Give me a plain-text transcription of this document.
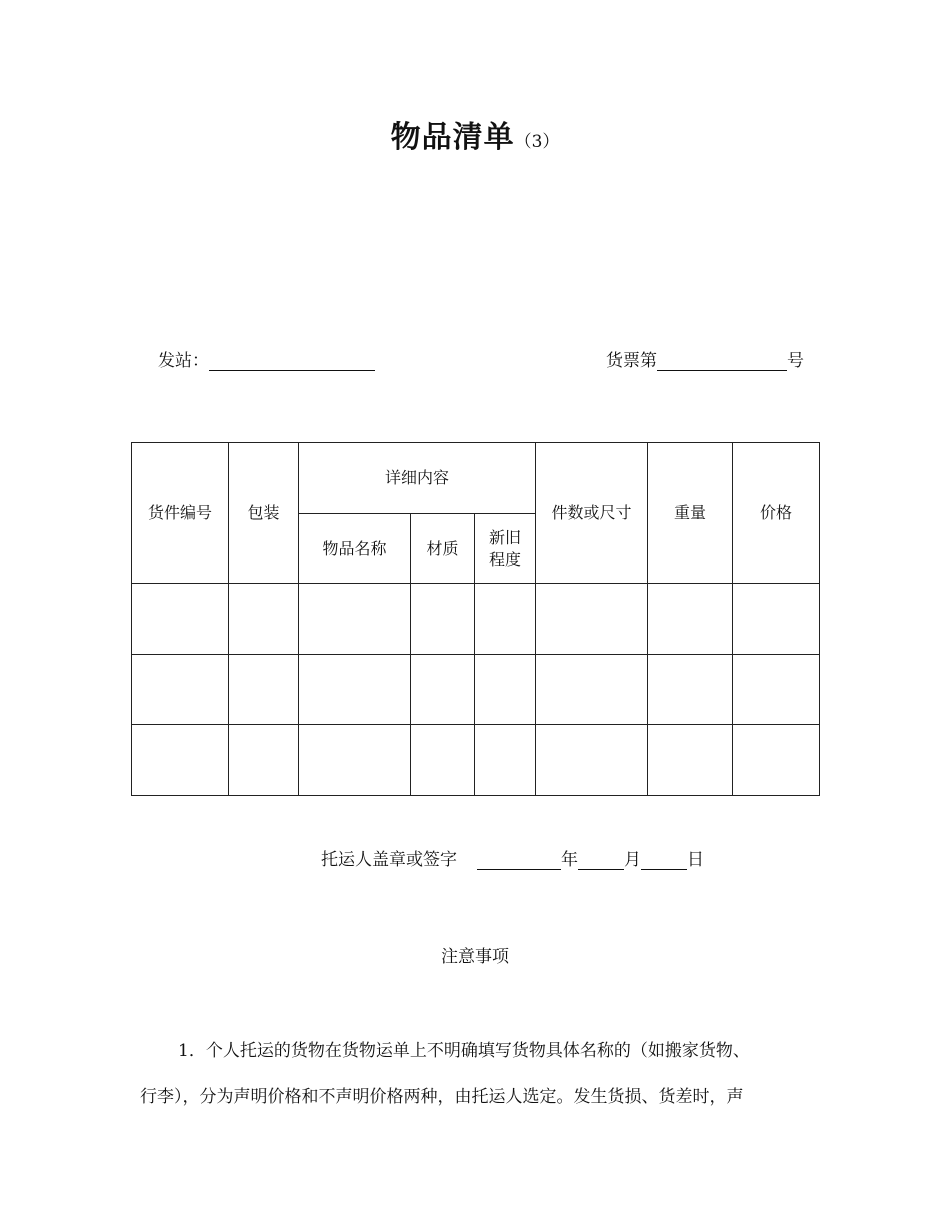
物品清单（3）
发站：	货票第	号
货件编号	包装	详细内容			件数或尺寸	重量	价格
		物品名称	材质	新旧
程度			

托运人盖章或签字	年	月	日
注意事项
1．个人托运的货物在货物运单上不明确填写货物具体名称的（如搬家货物、
行李），分为声明价格和不声明价格两种，由托运人选定。发生货损、货差时，声
